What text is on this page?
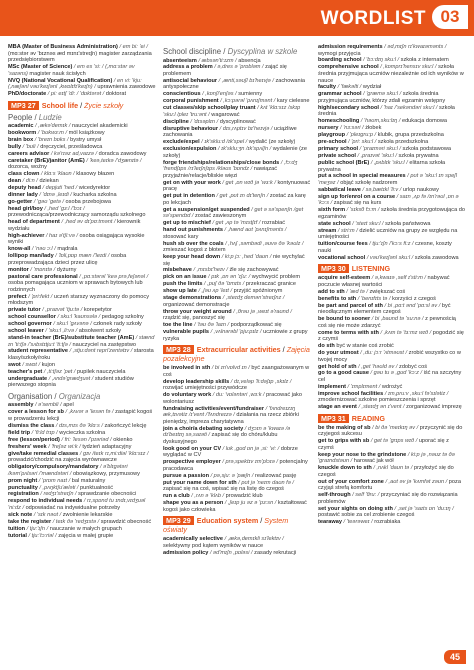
WORDLIST 03
MBA (Master of Business Administration) / em bi: 'ei / (mɑːstər əv 'bɪznəs æd mɪnɪ'streɪʃn) magister zarządzania przedsiębiorstwem
MSc (Master of Science) / em es 'si: / (,mɑːstər əv 'saɪəns) magister nauk ścisłych
NVQ (National Vocational Qualification) / en vi: 'kju: (,næʃənl vəʊ'keɪʃənl ,kwɒlɪfɪ'keɪʃn) / uprawnienia zawodowe
PhD/doctorate / pi: eɪtʃ 'di: / 'dɒktərət / doktorat
MP3 27 School life / Życie szkoły
People / Ludzie
academic / ,ækə'demɪk / nauczyciel akademicki
bookworm / 'bʊkwɜːm / mól książkowy
brain box / 'breɪn bɒks / bystry umysł
bully / 'bʊli / dręczyciel, prześladowca
careers advisor / kə'rɪəz ad,vaɪzə / doradca zawodowy
caretaker (BrE)/janitor (AmE) / 'keə,teɪkə /'dʒænɪtə / dozorca, woźny
class clown / klɑːs 'klaʊn / klasowy błazen
dean / di:n / dziekan
deputy head / depjuti 'hed / wicedyrektor
dinner lady / 'dɪnə ,leɪdi / kucharka szkolna
go-getter / 'gəʊ 'getə / osoba przebojowa
head girl/boy / ,hed 'gɜːl /'bɔɪ / przewodnicząca/przewodniczący samorządu szkolnego
head of department / ,hed əv dɪ'pɑːtmənt / kierownik wydziału
high-achiever / haɪ ə'tʃiːvə / osoba osiągająca wysokie wyniki
know-all / 'nəʊ ɔːl / mądrala
lollipop man/lady / 'lɒli,pɒp mæn /'leɪdi / osoba przeprowadzająca dzieci przez ulicę
monitor / 'mɒnɪtə / dyżurny
pastoral care professional / ,pɑːstərəl 'keə prə,feʃənəl / osoba pomagająca uczniom w sprawach bytowych lub rodzinnych
prefect / 'pri:fekt / uczeń starszy wyznaczony do pomocy młodszym
private tutor / ,praɪvət 'tju:tə / korepetytor
school counsellor / sku:l 'kaʊnsələ / pedagog szkolny
school governor / sku:l 'gʌvənə / członek rady szkoły
school leaver / 'sku:l ,li:və / absolwent szkoły
stand-in teacher (BrE)/substitute teacher (AmE) / stænd ɪn 'ti:tʃə /'sʌbstɪtju:t 'ti:tʃə / nauczyciel na zastępstwo
student representative / ,stju:dənt repri'zentətɪv / starosta klasy/szkoły/roku
swot / swɒt / kujon
teacher's pet / ,ti:tʃəz 'pet / pupilek nauczyciela
undergraduate / ,ʌndə'grædʒuət / student studiów pierwszego stopnia
Organisation / Organizacja
assembly / ə'sembli / apel
cover a lesson for sb / ,kʌvər ə 'lesən fə / zastąpić kogoś w prowadzeniu lekcji
dismiss the class / dɪs,mɪs ðə 'klɑːs / zakończyć lekcję
field trip / 'fi:ld trɪp / wycieczka szkolna
free (lesson/period) / fri: 'lesən /'pɪəriəd / okienko
freshers' week / 'freʃəz wi:k / tydzień adaptacyjny
give/take remedial classes / gɪv /teɪk rɪ,mi:diəl 'klɑ:sɪz / prowadzić/chodzić na zajęcia wyrównawcze
obligatory/compulsory/mandatory / ə'blɪgətəri /kəm'pʌlsəri /'mændətəri / obowiązkowy, przymusowy
prom night / 'prɒm naɪt / bal maturalny
punctuality / ,pʌŋktʃu'æləti / punktualność
registration / redʒɪ'streɪʃn / sprawdzanie obecności
respond to individual needs / rɪ,spɒnd tu ɪndɪ,vɪdʒuəl 'ni:dz / odpowiadać na indywidualne potrzeby
sick note / 'sɪk nəʊt / zwolnienie lekarskie
take the register / teɪk ðə 'redʒɪstə / sprawdzić obecność
tuition / tju:'ɪʃn / nauczanie w małych grupach
tutorial / tju:'tɔ:riəl / zajęcia w małej grupie
School discipline / Dyscyplina w szkole
absenteeism / æbsən'ti:ɪzm / absencja
address a problem / ə,dres ə 'prɒbləm / zająć się problemem
antisocial behaviour / ,ænti,səʊʃl bɪ'heɪvjə / zachowania antyspołeczne
conscientious / ,kɒnʃi'enʃəs / sumienny
corporal punishment / ,kɔ:pərəl 'pʌnɪʃmənt / kary cielesne
cut classes/skip school/play truant / kʌt 'klɑ:sɪz /skɪp 'sku:l /pleɪ 'tru:ənt / wagarować
discipline / 'dɪsəplɪn / dyscyplinować
disruptive behaviour / dɪs,rʌptɪv bɪ'heɪvjə / uciążliwe zachowania
exclude/expel / ɪk'sklu:d /ɪk'spel / wydalić (ze szkoły)
exclusion/expulsion / ɪk'sklu:ʒn /ɪk'spʌlʃn / wydalenie (ze szkoły)
forge friendships/relationships/close bonds / ,fɔ:dʒ 'frendʃɪps /rɪ'leɪʃnʃɪps /kləʊs 'bɒndz / nawiązać przyjaźnie/relacje/bliskie więzi
get on with your work / get ,ɒn wɪð jə 'wɜ:k / kontynuować pracę
get put in detention / get ,pʊt ɪn dɪ'tenʃn / zostać za karę po lekcjach
get a suspension/get suspended / get ə sə'spenʃn /get sə'spendɪd / zostać zawieszonym
get up to mischief / get ,ʌp tə 'mɪstʃɪf / rozrabiać
hand out punishments / ,hænd aʊt 'pʌnɪʃmənts / stosować kary
hush sb over the coals / ,hʌʃ ,səmbədi ,əʊvə ðə 'kəʊlz / zmieszać kogoś z błotem
keep your head down / ki:p jɔ: ,hed 'daʊn / nie wychylać się
misbehave / ,mɪsbɪ'heɪv / źle się zachowywać
pick on an issue / pɪk ,ɒn ən 'ɪʃu: / wychwycić problem
push the limits / ,pʊʃ ðə 'lɪmɪts / przekraczać granice
show up late / ,ʃəʊ ʌp 'leɪt / przyjść spóźnionym
stage demonstrations / ,steɪdʒ demən'streɪʃnz / organizować demonstracje
throw your weight around / ,θrəʊ jə ,weɪt ə'raʊnd / rządzić się, panoszyć się
toe the line / 'təʊ ðə 'laɪn / podporządkować się
vulnerable pupils / ,vʌlnərəbl 'pju:pɪlz / uczniowie z grupy ryzyka
MP3 28 Extracurricular activities / Zajęcia pozalekcyjne
be involved in sth / bi ɪn'vɒlvd ɪn / być zaangażowanym w coś
develop leadership skills / dɪ,veləp 'li:dəʃɪp ,skɪlz / rozwijać umiejętności przywódcze
do voluntary work / du: 'vɒləntəri ,wɜ:k / pracować jako wolontariusz
fundraising activities/event/fundraiser / 'fʌndreɪzɪŋ æk,tɪvətiz /ɪ'vent /'fʌndreɪzə / działania na rzecz zbiórki pieniędzy, impreza charytatywna
join a choir/a debating society / dʒɔɪn ə 'kwaɪə /ə dɪ'beɪtɪŋ sə,saɪəti / zapisać się do chóru/klubu dyskusyjnego
look good on your CV / lʊk ,gʊd ɒn jə ,si: 'vi: / dobrze wyglądać w CV
prospective employer / prə,spektɪv ɪm'plɔɪə / potencjalny pracodawca
pursue a passion / pə,sju: ə 'pæʃn / realizować pasję
put your name down for sth / pʊt jə 'neɪm daʊn fə / zapisać się na coś, wpisać się na listę do czegoś
run a club / ,rʌn ə 'klʌb / prowadzić klub
shape you as a person / ,ʃeɪp ju əz ə 'pɜ:sn / kształtować kogoś jako człowieka
MP3 29 Education system / System oświaty
academically selective / ,ækə,demɪkli sɪ'lektɪv / selektywny pod kątem wyników w nauce
admission policy / əd'mɪʃn ,pɒləsi / zasady rekrutacji
admission requirements / əd,mɪʃn rɪ'kwaɪəmənts / wymogi przyjęcia
boarding school / 'bɔ:dɪŋ sku:l / szkoła z internatem
comprehensive school / ,kɒmprɪ'hensɪv sku:l / szkoła średnia przyjmująca uczniów niezależnie od ich wyników w nauce
faculty / 'fækəlti / wydział
grammar school / 'græmə sku:l / szkoła średnia przyjmująca uczniów, którzy zdali egzamin wstępny
high/secondary school / 'haɪ /'sekəndəri sku:l / szkoła średnia
homeschooling / 'həʊm,sku:lɪŋ / edukacja domowa
nursery / 'nɜ:səri / żłobek
playgroup / 'pleɪgru:p / klubik, grupa przedszkolna
pre-school / 'pri: sku:l / szkoła przedszkolna
primary school / 'praɪməri sku:l / szkoła podstawowa
private school / ,praɪvət 'sku:l / szkoła prywatna
public school (BrE) / ,pʌblɪk 'sku:l / elitarna szkoła prywatna
put a school in special measures / pʊt ə 'sku:l ɪn speʃl 'meʒəz / objąć szkołę nadzorem
sabbatical leave / sə,bætɪkl 'li:v / urlop naukowy
sign up for/enrol on a course / saɪn ,ʌp fə /ɪn'rəʊl ,ɒn ə 'kɔ:s / zapisać się na kurs
sixth form / 'sɪksθ fɔ:m / szkoła średnia przygotowująca do egzaminów
state school / 'steɪt sku:l / szkoła państwowa
stream / stri:m / dzielić uczniów na grupy ze względu na umiejętności
tuition/course fees / tju:'ɪʃn /'kɔ:s fi:z / czesne, koszty nauki
vocational school / vəʊ'keɪʃənl sku:l / szkoła zawodowa
MP3 30 LISTENING
acquire self-esteem / ə,kwaɪə ,self ɪ'sti:m / nabywać poczucie własnej wartości
add to sth / 'æd tə / zwiększać coś
benefits to sth / 'benɪfɪts tə / korzyści z czegoś
be part and parcel of sth / bi ,pɑ:t ənd 'pɑ:sl əv / być nieodłącznym elementem czegoś
be bound to sooner / bi ,baʊnd tə 'su:nə / z pewnością coś się nie może zdarzyć
come to terms with sth / ,kʌm tə 'tɜ:mz wɪð / pogodzić się z czymś
do sth być w stanie coś zrobić
do your utmost / ,du: jɔ:r 'ʌtməʊst / zrobić wszystko co w twojej mocy
get hold of sth / ,get 'həʊld əv / zdobyć coś
go to a good cause / gəʊ tu ə ,gʊd 'kɔ:z / iść na szczytny cel
implement / 'ɪmplɪment / wdrożyć
improve school facilities / ɪm,pru:v ,sku:l fə'sɪlətiz / zmodernizować szkolne pomieszczenia i sprzęt
stage an event / ,steɪdʒ ən ɪ'vent / zorganizować imprezę
MP3 31 READING
be the making of sb / bi ðə 'meɪkɪŋ əv / przyczynić się do czyjegoś sukcesu
get to grips with sb / get tə 'grɪps wɪð / uporać się z czymś
keep your nose to the grindstone / ki:p jə ,nəʊz tə ðə 'graɪndstəʊn / harować jak wół
knuckle down to sth / ,nʌkl 'daʊn tə / przyłożyć się do czegoś
out of your comfort zone / ,aʊt əv jə 'kʌmfət zəʊn / poza czyjąś strefą komfortu
self-through / self 'θru: / przyczyniać się do rozwiązania problemów
set your sights on doing sth / ,set jə 'saɪts ɒn 'du:ɪŋ / postawić sobie za cel zrobienie czegoś
tearaway / 'teərəweɪ / rozrabiaka
45
